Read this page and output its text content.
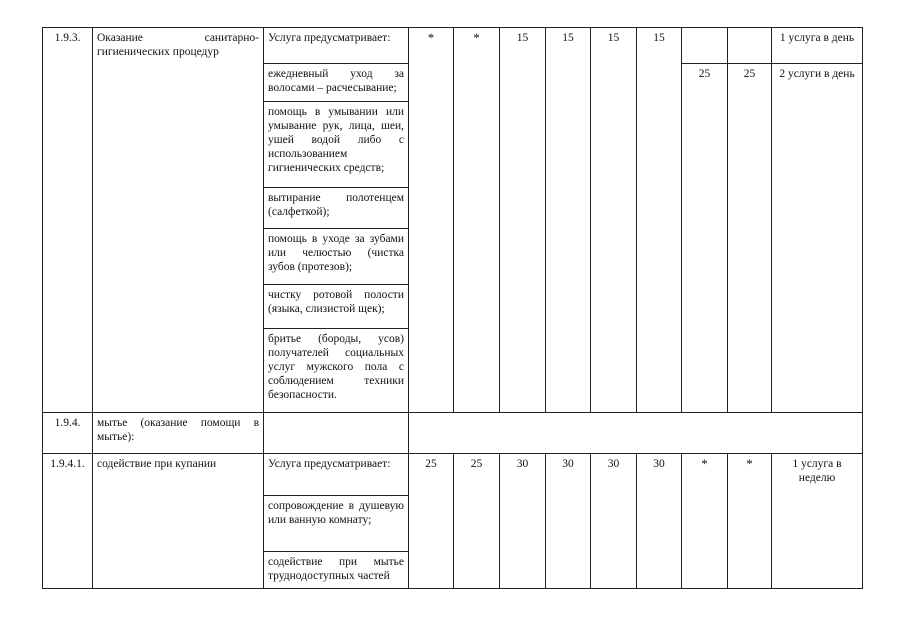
1.9.3.	Оказание санитарно-гигиенических процедур	Услуга предусматривает:	*	*	15	15	15	15			1 услуга в день
		ежедневный уход за волосами – расчесывание;							25	25	2 услуги в день
		помощь в умывании или умывание рук, лица, шеи, ушей водой либо с использованием гигиенических средств;									
		вытирание полотенцем (салфеткой);									
		помощь в уходе за зубами или челюстью (чистка зубов (протезов);									
		чистку ротовой полости (языка, слизистой щек);									
		бритье (бороды, усов) получателей социальных услуг мужского пола с соблюдением техники безопасности.									
1.9.4.	мытье (оказание помощи в мытье):										
1.9.4.1.	содействие при купании	Услуга предусматривает:	25	25	30	30	30	30	*	*	1 услуга в неделю
		сопровождение в душевую или ванную комнату;									
		содействие при мытье труднодоступных частей									
